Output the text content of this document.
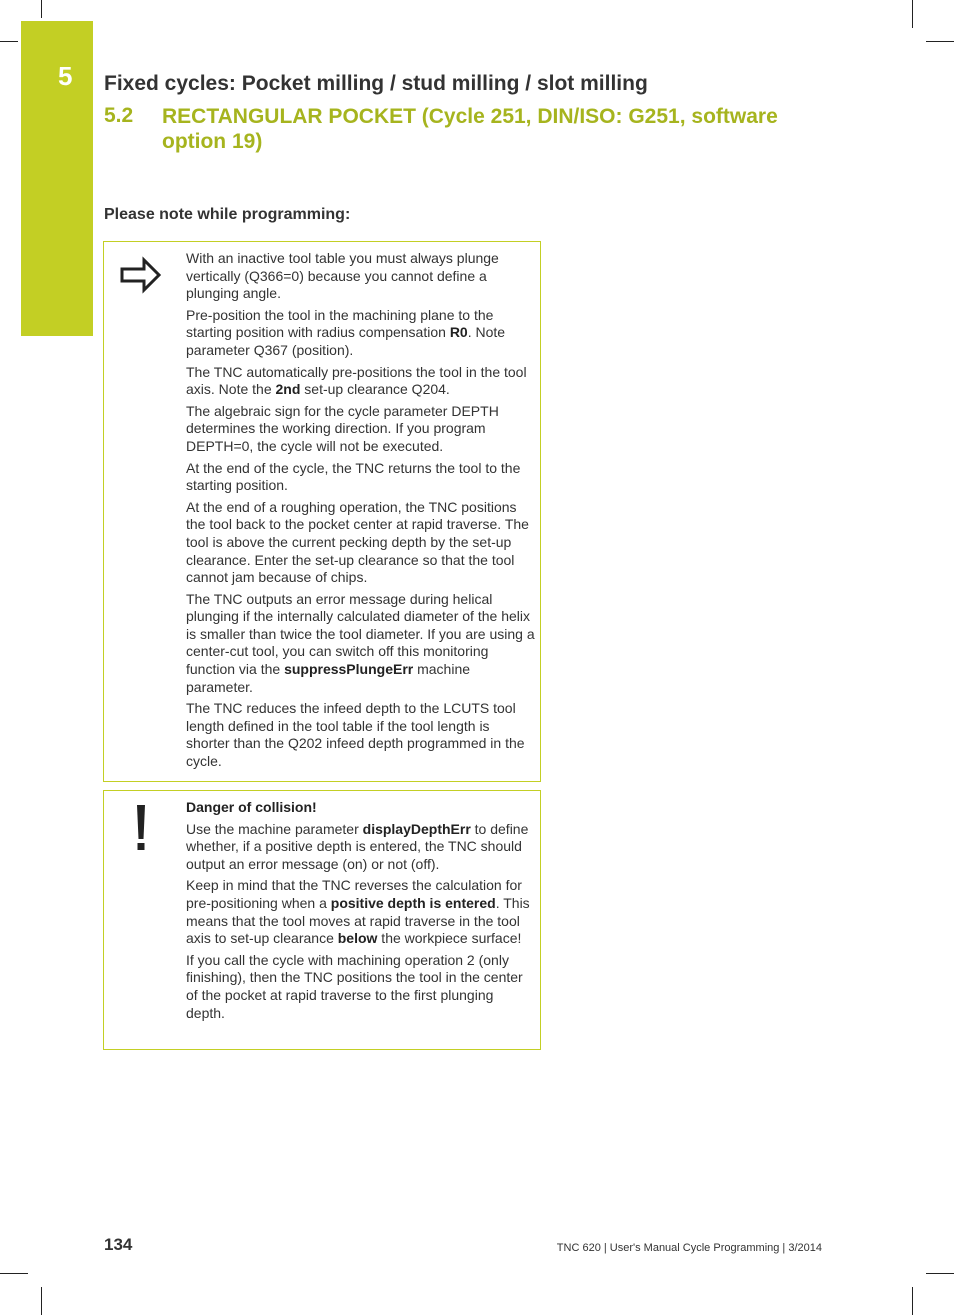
5	Fixed cycles: Pocket milling / stud milling / slot milling
5.2 RECTANGULAR POCKET (Cycle 251, DIN/ISO: G251, software option 19)
Please note while programming:

With an inactive tool table you must always plunge vertically (Q366=0) because you cannot define a plunging angle.

Pre-position the tool in the machining plane to the starting position with radius compensation R0. Note parameter Q367 (position).

The TNC automatically pre-positions the tool in the tool axis. Note the 2nd set-up clearance Q204.

The algebraic sign for the cycle parameter DEPTH determines the working direction. If you program DEPTH=0, the cycle will not be executed.

At the end of the cycle, the TNC returns the tool to the starting position.

At the end of a roughing operation, the TNC positions the tool back to the pocket center at rapid traverse. The tool is above the current pecking depth by the set-up clearance. Enter the set-up clearance so that the tool cannot jam because of chips.

The TNC outputs an error message during helical plunging if the internally calculated diameter of the helix is smaller than twice the tool diameter. If you are using a center-cut tool, you can switch off this monitoring function via the suppressPlungeErr machine parameter.

The TNC reduces the infeed depth to the LCUTS tool length defined in the tool table if the tool length is shorter than the Q202 infeed depth programmed in the cycle.

Danger of collision!

Use the machine parameter displayDepthErr to define whether, if a positive depth is entered, the TNC should output an error message (on) or not (off).

Keep in mind that the TNC reverses the calculation for pre-positioning when a positive depth is entered. This means that the tool moves at rapid traverse in the tool axis to set-up clearance below the workpiece surface!

If you call the cycle with machining operation 2 (only finishing), then the TNC positions the tool in the center of the pocket at rapid traverse to the first plunging depth.

134	TNC 620 | User's Manual Cycle Programming | 3/2014
